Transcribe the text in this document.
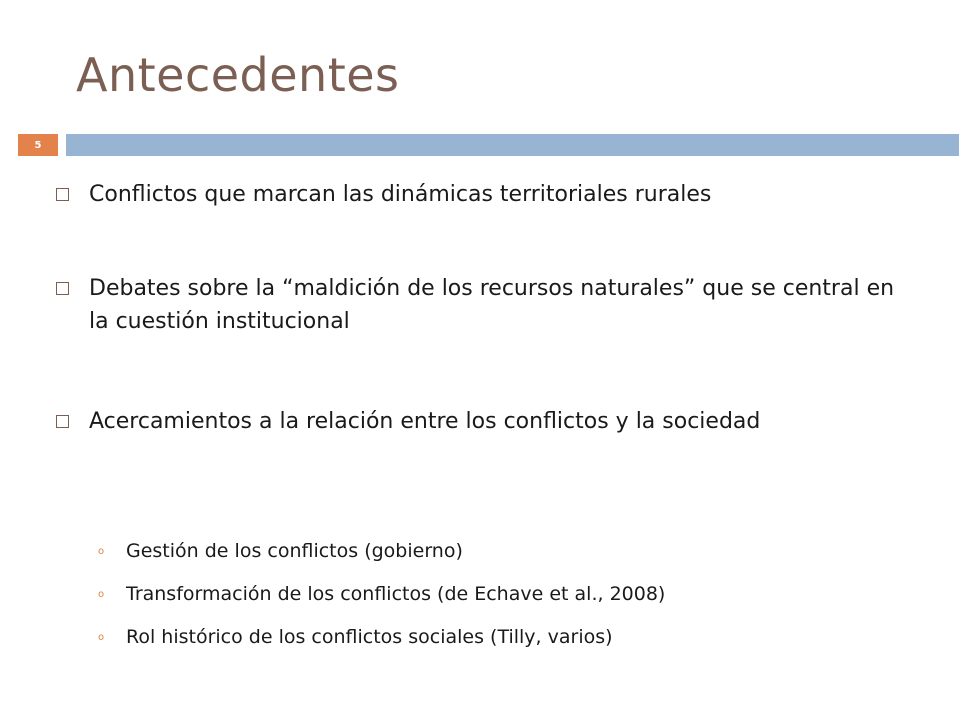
Antecedentes
5
Conflictos que marcan las dinámicas territoriales rurales
Debates sobre la “maldición de los recursos naturales” que se central en la cuestión institucional
Acercamientos a la relación entre los conflictos y la sociedad
o	Gestión de los conflictos (gobierno)
o	Transformación de los conflictos (de Echave et al., 2008)
o	Rol histórico de los conflictos sociales (Tilly, varios)
